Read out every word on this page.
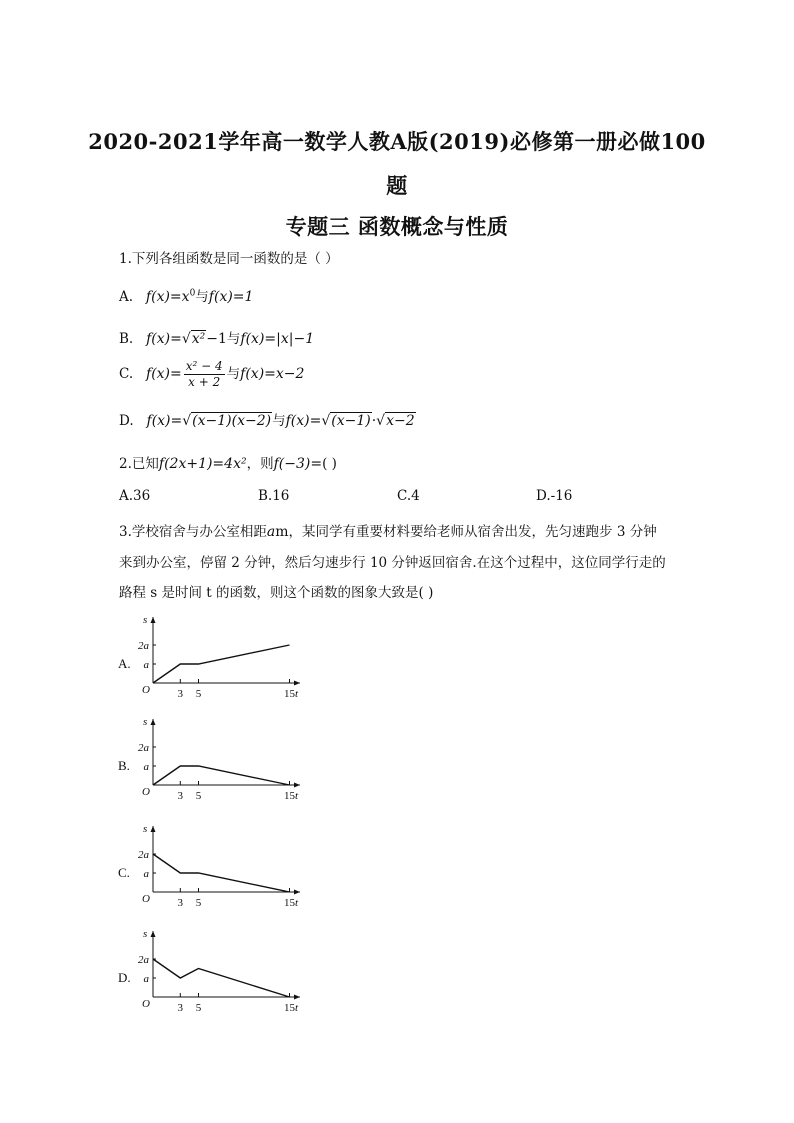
2020-2021学年高一数学人教A版(2019)必修第一册必做100
题
专题三 函数概念与性质
1.下列各组函数是同一函数的是（ ）
A. $f(x)=x^0$与f(x)=1
B. f(x)=√x²−1与f(x)=|x|−1
C. $f(x)= \frac{\text{x² − 4}}{x + 2}$ 与f(x)=x−2
D. f(x)=√(x−1)(x−2)与f(x)=√(x−1)·√x−2
2.已知f(2x+1)=4x²，则f(−3)=( )
A.36	B.16	C.4	D.-16
3.学校宿舍与办公室相距am，某同学有重要材料要给老师从宿舍出发，先匀速跑步 3 分钟
来到办公室，停留 2 分钟，然后匀速步行 10 分钟返回宿舍.在这个过程中，这位同学行走的
路程 s 是时间 t 的函数，则这个函数的图象大致是( )
A.
s
t
O
2a
a
3 5	15
B.
s
t
O
2a
a
3 5	15
C.
s
t
O
2a
a
3 5	15
D.
s
t
O
2a
a
3 5	15
